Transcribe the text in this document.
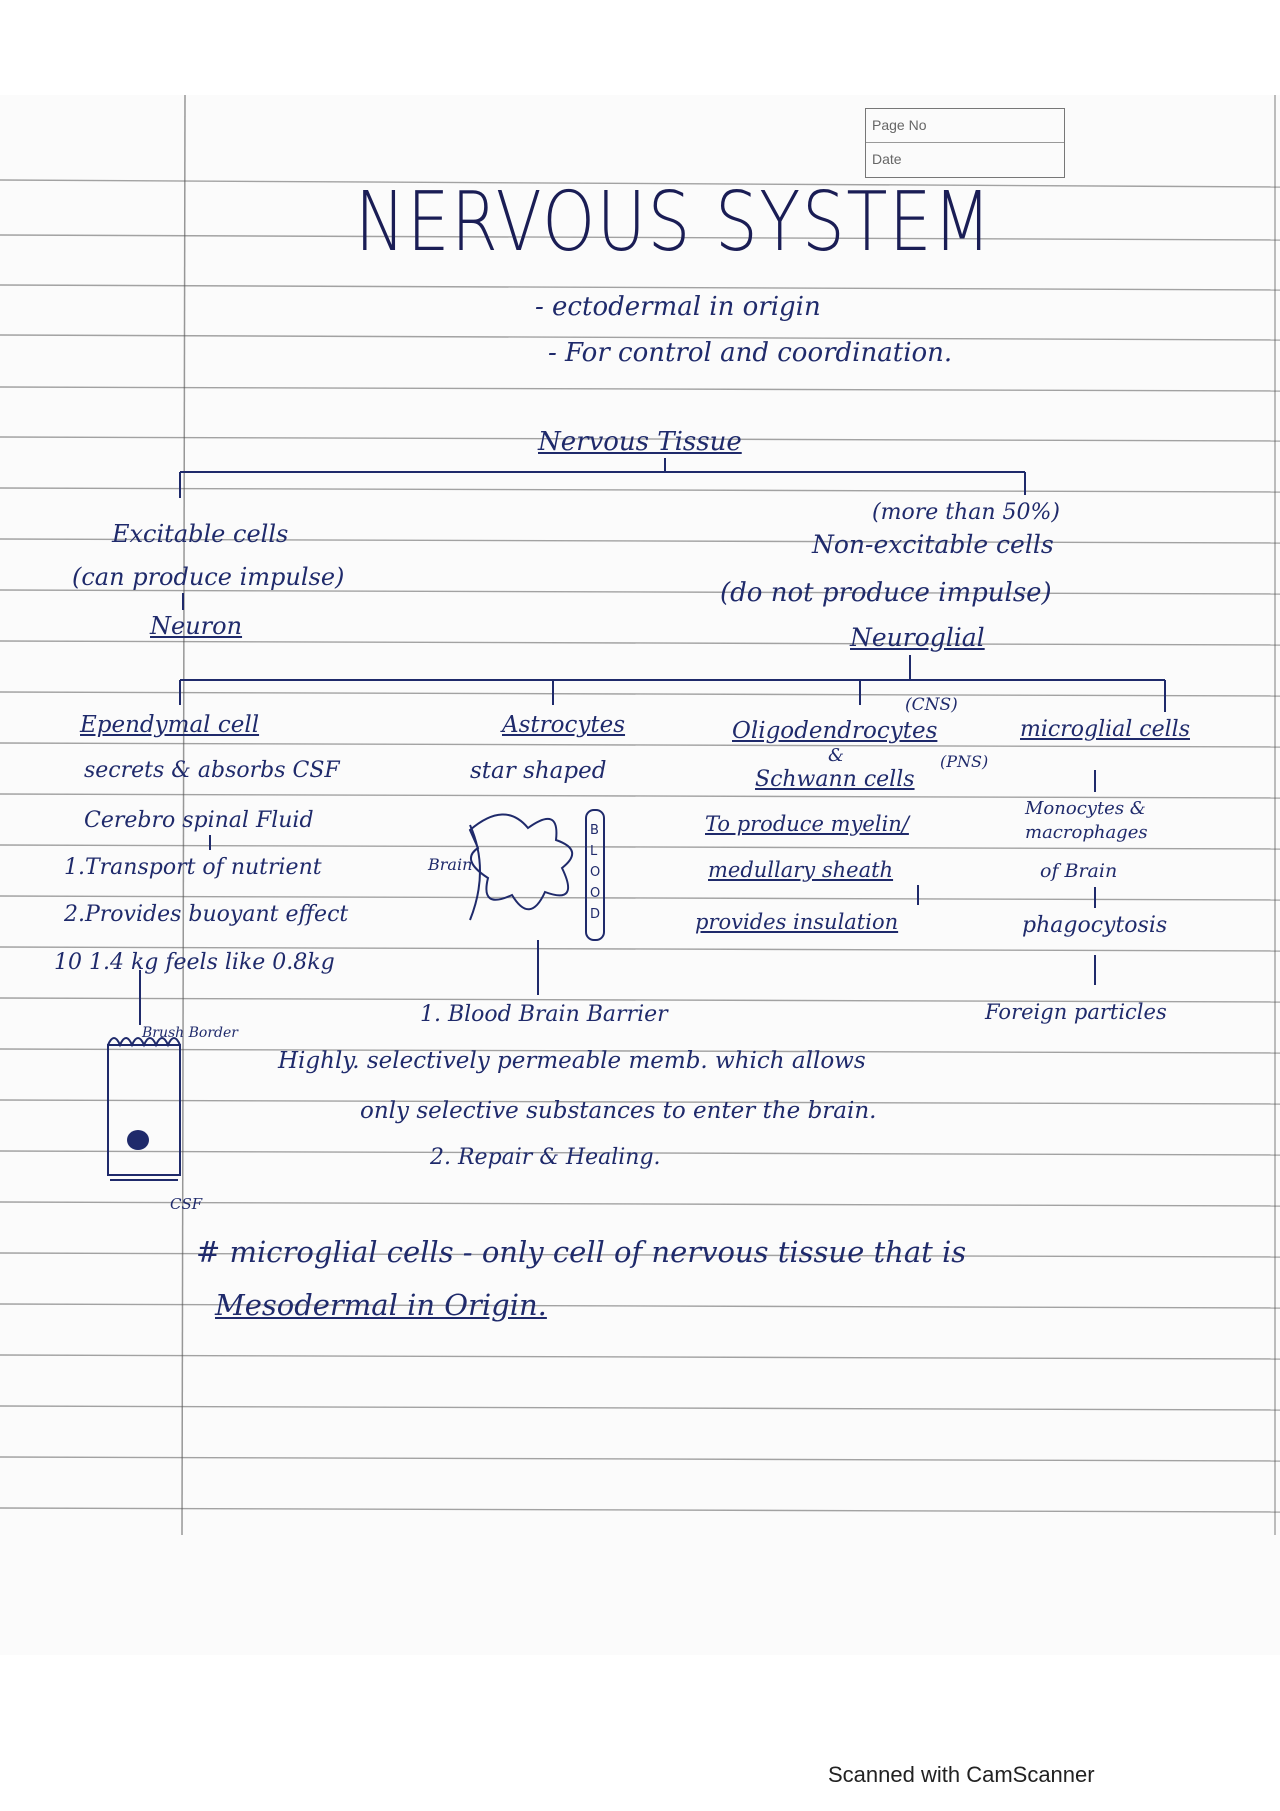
Page No
Date
NERVOUS SYSTEM
- ectodermal in origin
- For control and coordination.
Nervous Tissue
Excitable cells
(can produce impulse)
Neuron
(more than 50%)
Non-excitable cells
(do not produce impulse)
Neuroglial
Ependymal cell
secrets & absorbs CSF
Cerebro spinal Fluid
1.Transport of nutrient
2.Provides buoyant effect
10 1.4 kg feels like 0.8kg
Brush Border
CSF
Astrocytes
star shaped
Brain
Oligodendrocytes
(CNS)
&
Schwann cells
(PNS)
To produce myelin/
medullary sheath
provides insulation
microglial cells
Monocytes &
macrophages
of Brain
phagocytosis
Foreign particles
1. Blood Brain Barrier
Highly. selectively permeable memb. which allows
only selective substances to enter the brain.
2. Repair & Healing.
# microglial cells - only cell of nervous tissue that is
Mesodermal in Origin.
B
L
O
O
D
Scanned with CamScanner
